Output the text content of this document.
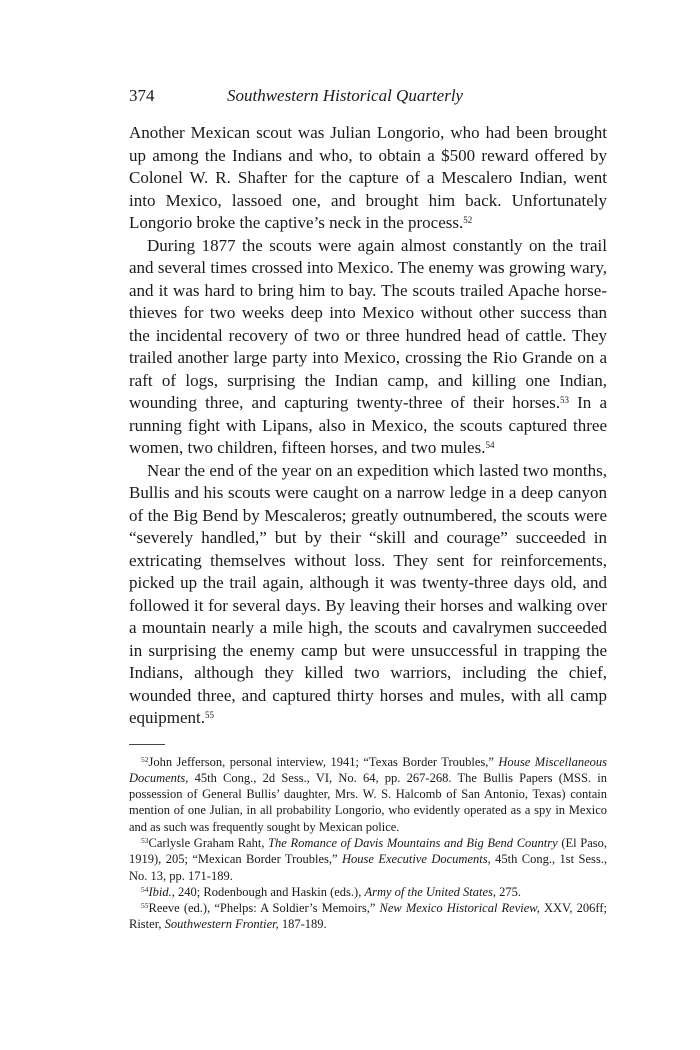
374	Southwestern Historical Quarterly

Another Mexican scout was Julian Longorio, who had been brought up among the Indians and who, to obtain a $500 reward offered by Colonel W. R. Shafter for the capture of a Mescalero Indian, went into Mexico, lassoed one, and brought him back. Unfortunately Longorio broke the captive’s neck in the process.$^{52}$

During 1877 the scouts were again almost constantly on the trail and several times crossed into Mexico. The enemy was growing wary, and it was hard to bring him to bay. The scouts trailed Apache horse-thieves for two weeks deep into Mexico without other success than the incidental recovery of two or three hundred head of cattle. They trailed another large party into Mexico, crossing the Rio Grande on a raft of logs, surprising the Indian camp, and killing one Indian, wounding three, and capturing twenty-three of their horses.$^{53}$ In a running fight with Lipans, also in Mexico, the scouts captured three women, two children, fifteen horses, and two mules.$^{54}$

Near the end of the year on an expedition which lasted two months, Bullis and his scouts were caught on a narrow ledge in a deep canyon of the Big Bend by Mescaleros; greatly outnumbered, the scouts were “severely handled,” but by their “skill and courage” succeeded in extricating themselves without loss. They sent for reinforcements, picked up the trail again, although it was twenty-three days old, and followed it for several days. By leaving their horses and walking over a mountain nearly a mile high, the scouts and cavalrymen succeeded in surprising the enemy camp but were unsuccessful in trapping the Indians, although they killed two warriors, including the chief, wounded three, and captured thirty horses and mules, with all camp equipment.$^{55}$

$^{52}$John Jefferson, personal interview, 1941; “Texas Border Troubles,” House Miscellaneous Documents, 45th Cong., 2d Sess., VI, No. 64, pp. 267-268. The Bullis Papers (MSS. in possession of General Bullis’ daughter, Mrs. W. S. Halcomb of San Antonio, Texas) contain mention of one Julian, in all probability Longorio, who evidently operated as a spy in Mexico and as such was frequently sought by Mexican police.

$^{53}$Carlysle Graham Raht, The Romance of Davis Mountains and Big Bend Country (El Paso, 1919), 205; “Mexican Border Troubles,” House Executive Documents, 45th Cong., 1st Sess., No. 13, pp. 171-189.

$^{54}$Ibid., 240; Rodenbough and Haskin (eds.), Army of the United States, 275.

$^{55}$Reeve (ed.), “Phelps: A Soldier’s Memoirs,” New Mexico Historical Review, XXV, 206ff; Rister, Southwestern Frontier, 187-189.
